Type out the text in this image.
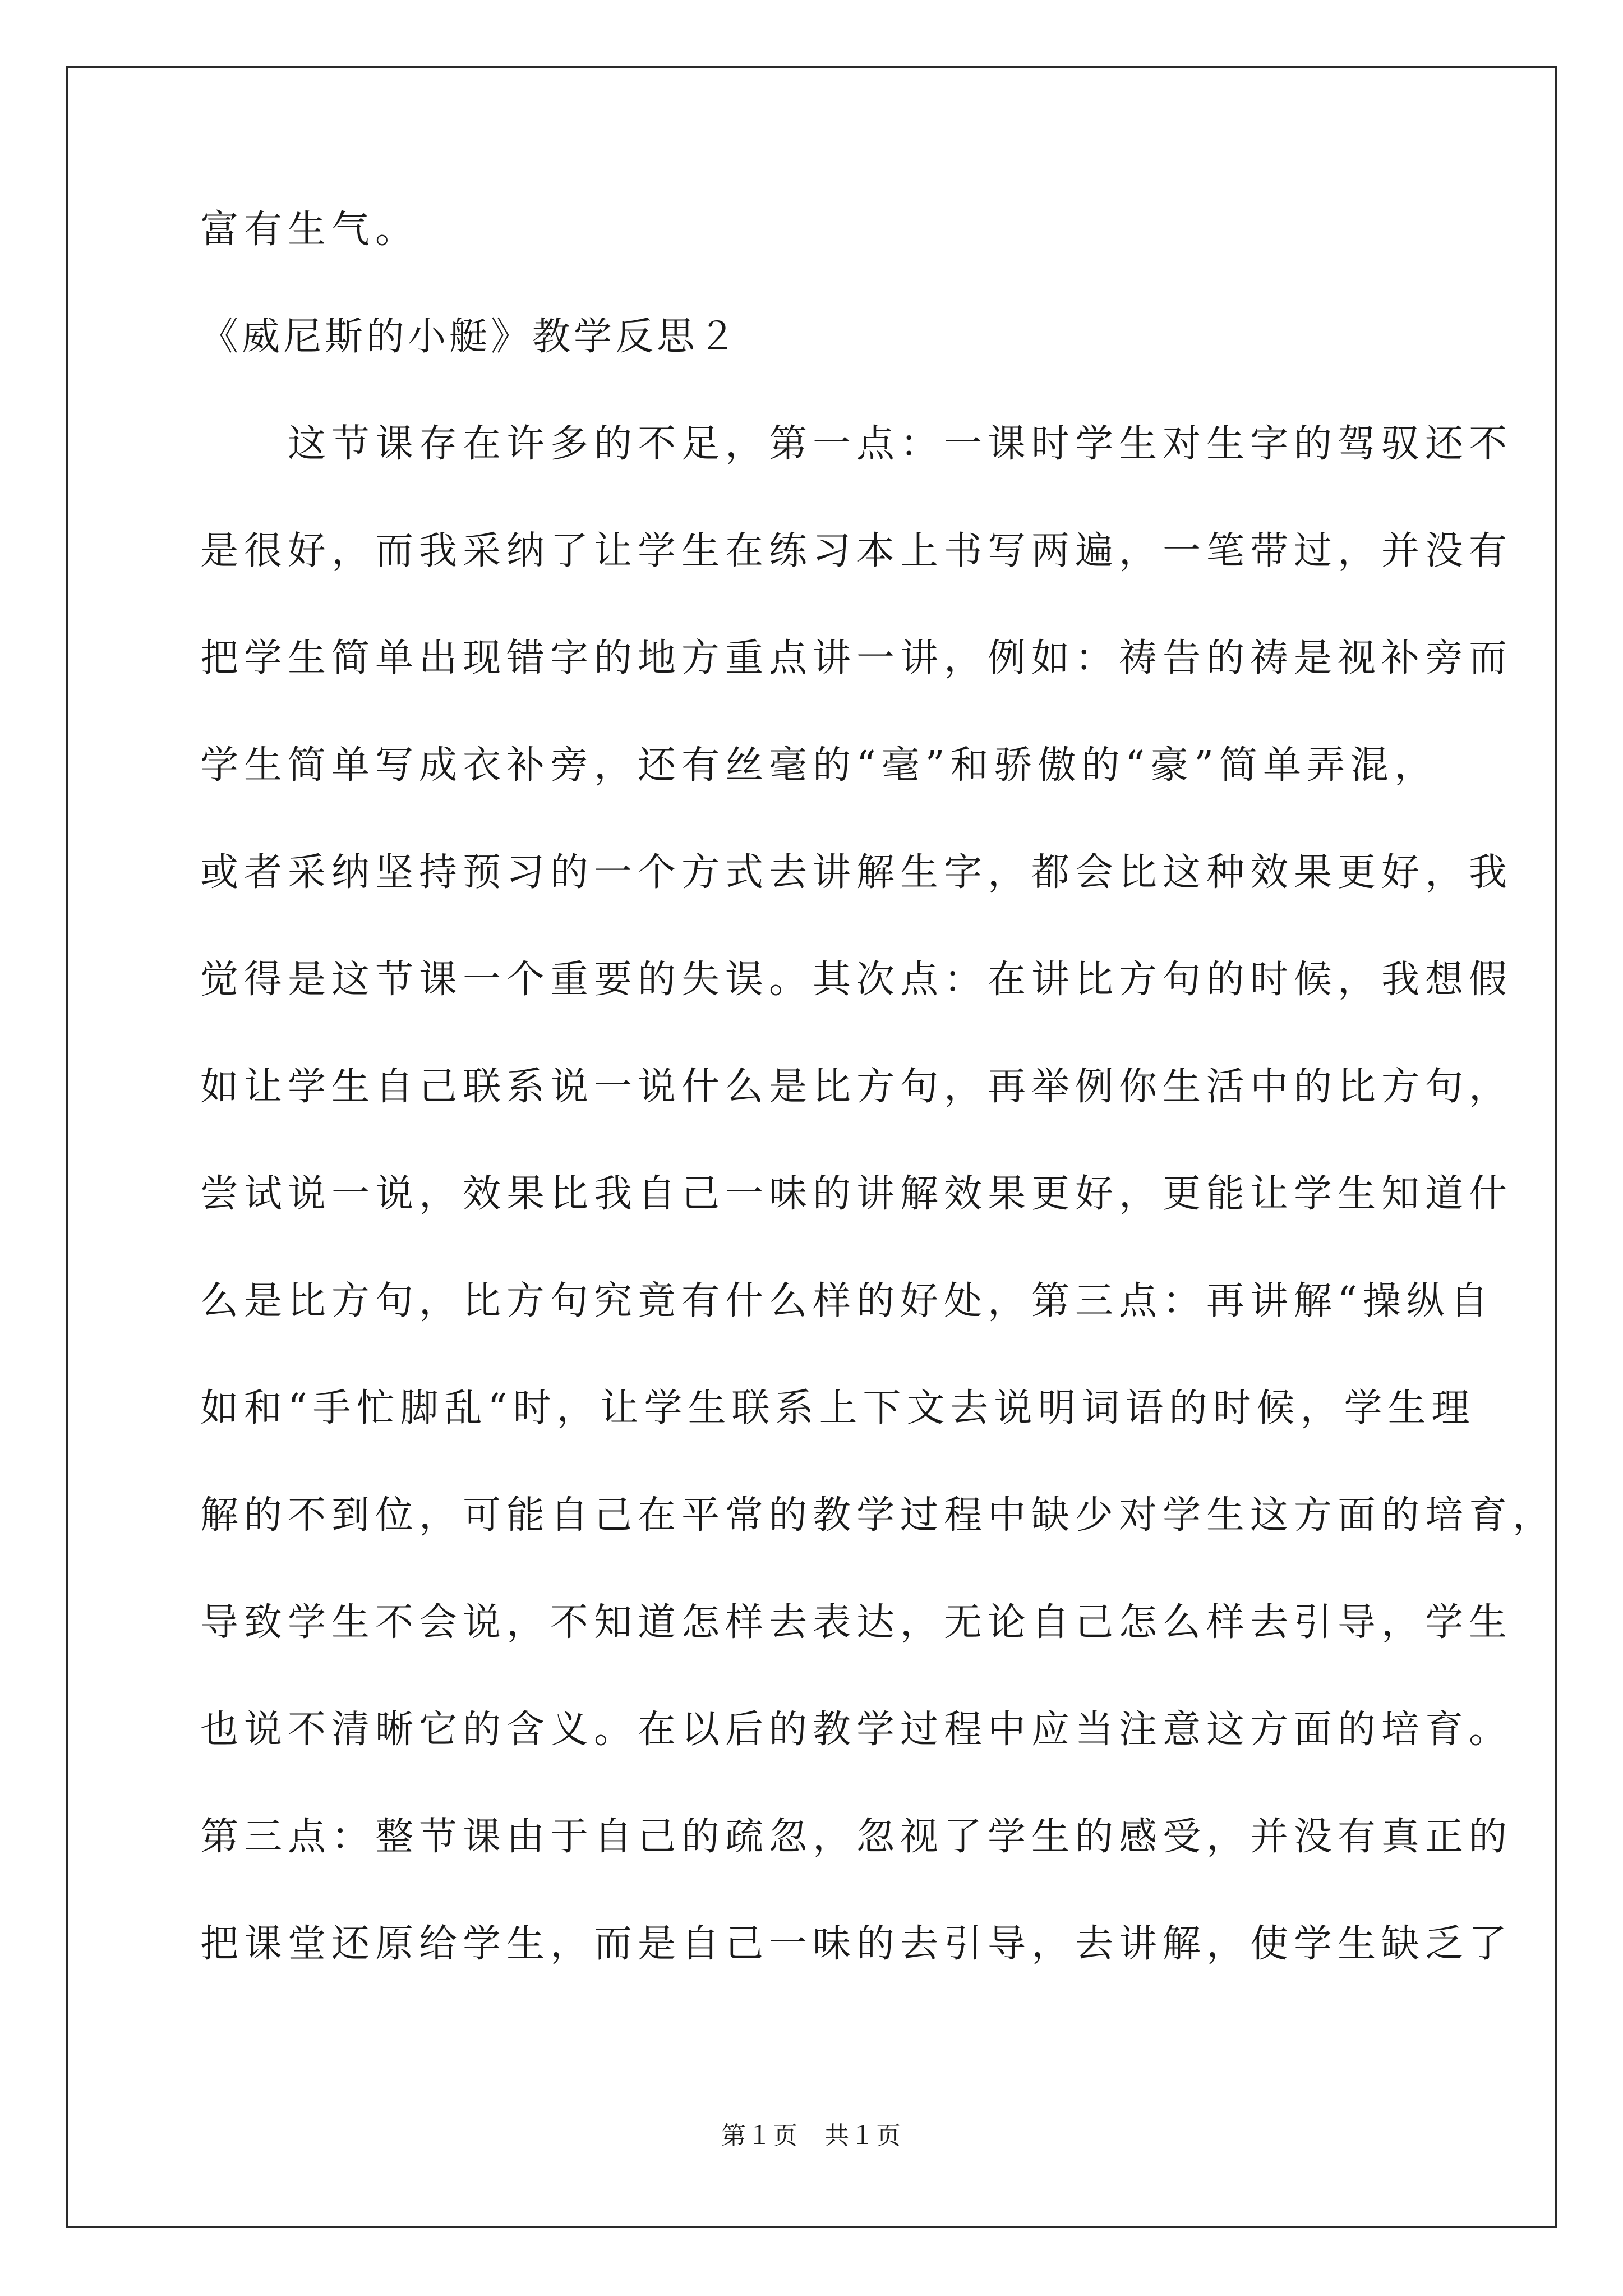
富有生气。
《威尼斯的小艇》教学反思２
　　这节课存在许多的不足，第一点：一课时学生对生字的驾驭还不
是很好，而我采纳了让学生在练习本上书写两遍，一笔带过，并没有
把学生简单出现错字的地方重点讲一讲，例如：祷告的祷是视补旁而
学生简单写成衣补旁，还有丝毫的“毫”和骄傲的“豪”简单弄混，
或者采纳坚持预习的一个方式去讲解生字，都会比这种效果更好，我
觉得是这节课一个重要的失误。其次点：在讲比方句的时候，我想假
如让学生自己联系说一说什么是比方句，再举例你生活中的比方句，
尝试说一说，效果比我自己一味的讲解效果更好，更能让学生知道什
么是比方句，比方句究竟有什么样的好处，第三点：再讲解“操纵自
如和“手忙脚乱“时，让学生联系上下文去说明词语的时候，学生理
解的不到位，可能自己在平常的教学过程中缺少对学生这方面的培育，
导致学生不会说，不知道怎样去表达，无论自己怎么样去引导，学生
也说不清晰它的含义。在以后的教学过程中应当注意这方面的培育。
第三点：整节课由于自己的疏忽，忽视了学生的感受，并没有真正的
把课堂还原给学生，而是自己一味的去引导，去讲解，使学生缺乏了
第１页　共１页
